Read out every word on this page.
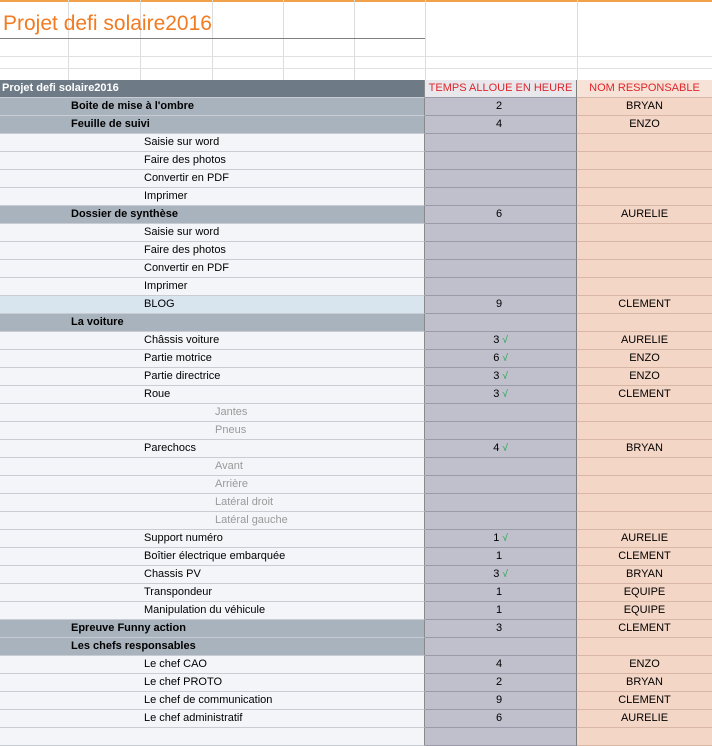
Projet defi solaire2016
Projet defi solaire2016	TEMPS ALLOUE EN HEURE	NOM RESPONSABLE
Boite de mise à l'ombre	2	BRYAN
Feuille de suivi	4	ENZO
Saisie sur word
Faire des photos
Convertir en PDF
Imprimer
Dossier de synthèse	6	AURELIE
Saisie sur word
Faire des photos
Convertir en PDF
Imprimer
BLOG	9	CLEMENT
La voiture
Châssis voiture	3 √	AURELIE
Partie motrice	6 √	ENZO
Partie directrice	3 √	ENZO
Roue	3 √	CLEMENT
Jantes
Pneus
Parechocs	4 √	BRYAN
Avant
Arrière
Latéral droit
Latéral gauche
Support numéro	1 √	AURELIE
Boîtier électrique embarquée	1	CLEMENT
Chassis PV	3 √	BRYAN
Transpondeur	1	EQUIPE
Manipulation du véhicule	1	EQUIPE
Epreuve Funny action	3	CLEMENT
Les chefs responsables
Le chef CAO	4	ENZO
Le chef PROTO	2	BRYAN
Le chef de communication	9	CLEMENT
Le chef administratif	6	AURELIE
